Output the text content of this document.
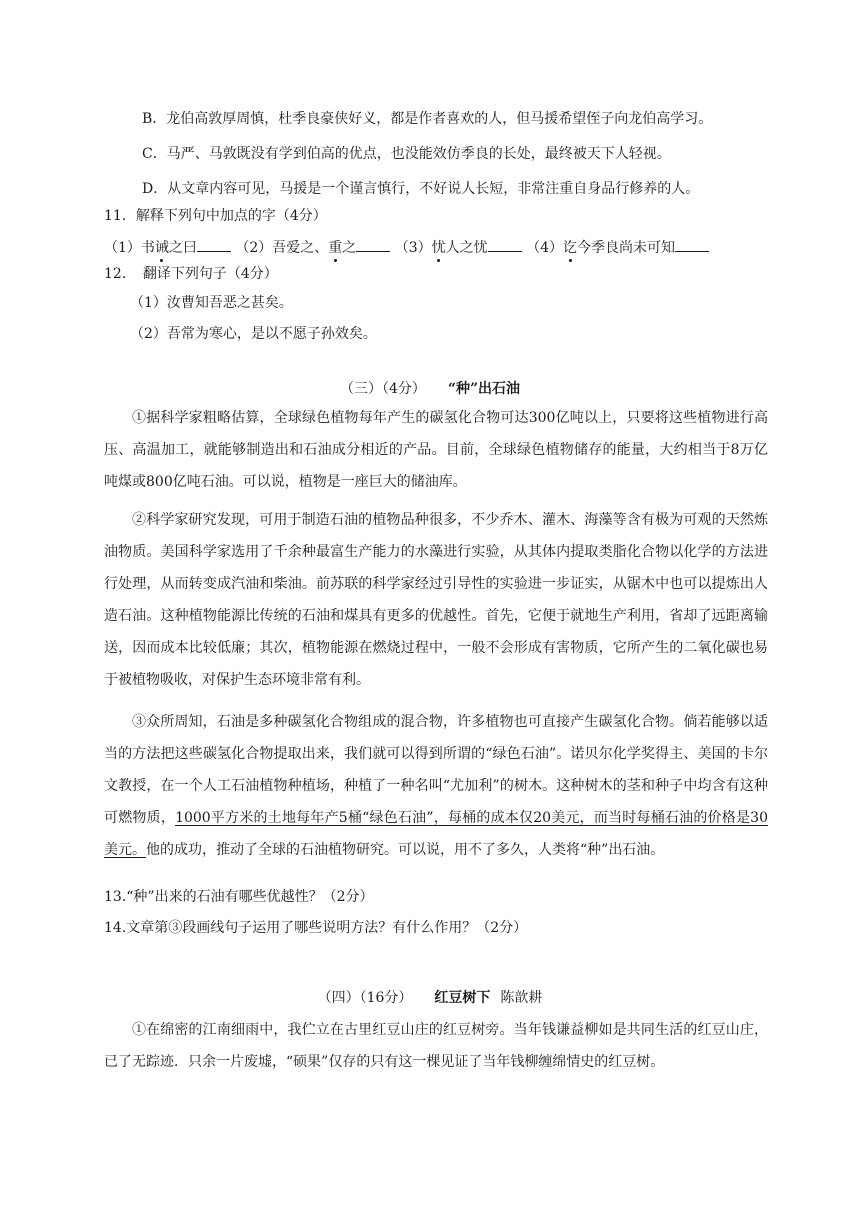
B．龙伯高敦厚周慎，杜季良豪侠好义，都是作者喜欢的人，但马援希望侄子向龙伯高学习。
C．马严、马敦既没有学到伯高的优点，也没能效仿季良的长处，最终被天下人轻视。
D．从文章内容可见，马援是一个谨言慎行，不好说人长短，非常注重自身品行修养的人。
11．解释下列句中加点的字（4分）
（1）书诫之曰	（2）吾爱之、重之	（3）忧人之忧	（4）讫今季良尚未可知
12．　翻译下列句子（4分）
（1）汝曹知吾恶之甚矣。
（2）吾常为寒心，是以不愿子孙效矣。
（三）（4分） “种”出石油
①据科学家粗略估算，全球绿色植物每年产生的碳氢化合物可达300亿吨以上，只要将这些植物进行高压、高温加工，就能够制造出和石油成分相近的产品。目前，全球绿色植物储存的能量，大约相当于8万亿吨煤或800亿吨石油。可以说，植物是一座巨大的储油库。
②科学家研究发现，可用于制造石油的植物品种很多，不少乔木、灌木、海藻等含有极为可观的天然炼油物质。美国科学家选用了千余种最富生产能力的水藻进行实验，从其体内提取类脂化合物以化学的方法进行处理，从而转变成汽油和柴油。前苏联的科学家经过引导性的实验进一步证实，从锯木中也可以提炼出人造石油。这种植物能源比传统的石油和煤具有更多的优越性。首先，它便于就地生产利用，省却了远距离输送，因而成本比较低廉；其次，植物能源在燃烧过程中，一般不会形成有害物质，它所产生的二氧化碳也易于被植物吸收，对保护生态环境非常有利。
③众所周知，石油是多种碳氢化合物组成的混合物，许多植物也可直接产生碳氢化合物。倘若能够以适当的方法把这些碳氢化合物提取出来，我们就可以得到所谓的“绿色石油”。诺贝尔化学奖得主、美国的卡尔文教授，在一个人工石油植物种植场，种植了一种名叫“尤加利”的树木。这种树木的茎和种子中均含有这种可燃物质，1000平方米的土地每年产5桶“绿色石油”，每桶的成本仅20美元，而当时每桶石油的价格是30美元。他的成功，推动了全球的石油植物研究。可以说，用不了多久，人类将“种”出石油。
13.“种”出来的石油有哪些优越性？（2分）
14.文章第③段画线句子运用了哪些说明方法？有什么作用？（2分）
（四）（16分） 红豆树下 陈歆耕
①在绵密的江南细雨中，我伫立在古里红豆山庄的红豆树旁。当年钱谦益柳如是共同生活的红豆山庄，已了无踪迹．只余一片废墟，“硕果”仅存的只有这一棵见证了当年钱柳缠绵情史的红豆树。
